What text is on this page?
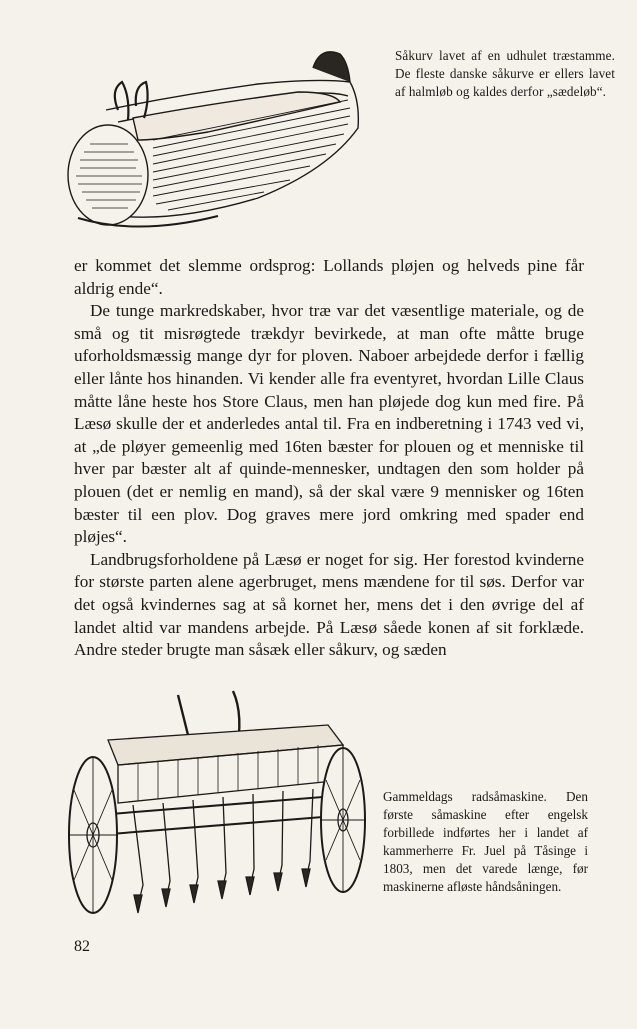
Såkurv lavet af en udhulet træstamme. De fleste danske såkurve er ellers lavet af halmløb og kaldes derfor „sædeløb“.

er kommet det slemme ordsprog: Lollands pløjen og helveds pine får aldrig ende“.

De tunge markredskaber, hvor træ var det væsentlige materiale, og de små og tit misrøgtede trækdyr bevirkede, at man ofte måtte bruge uforholdsmæssig mange dyr for ploven. Naboer arbejdede derfor i fællig eller lånte hos hinanden. Vi kender alle fra eventyret, hvordan Lille Claus måtte låne heste hos Store Claus, men han pløjede dog kun med fire. På Læsø skulle der et anderledes antal til. Fra en indberetning i 1743 ved vi, at „de pløyer gemeenlig med 16ten bæster for plouen og et menniske til hver par bæster alt af quinde-mennesker, undtagen den som holder på plouen (det er nemlig en mand), så der skal være 9 mennisker og 16ten bæster til een plov. Dog graves mere jord omkring med spader end pløjes“.

Landbrugsforholdene på Læsø er noget for sig. Her forestod kvinderne for største parten alene agerbruget, mens mændene for til søs. Derfor var det også kvindernes sag at så kornet her, mens det i den øvrige del af landet altid var mandens arbejde. På Læsø såede konen af sit forklæde. Andre steder brugte man såsæk eller såkurv, og sæden

Gammeldags radsåmaskine. Den første såmaskine efter engelsk forbillede indførtes her i landet af kammerherre Fr. Juel på Tåsinge i 1803, men det varede længe, før maskinerne afløste håndsåningen.
82
